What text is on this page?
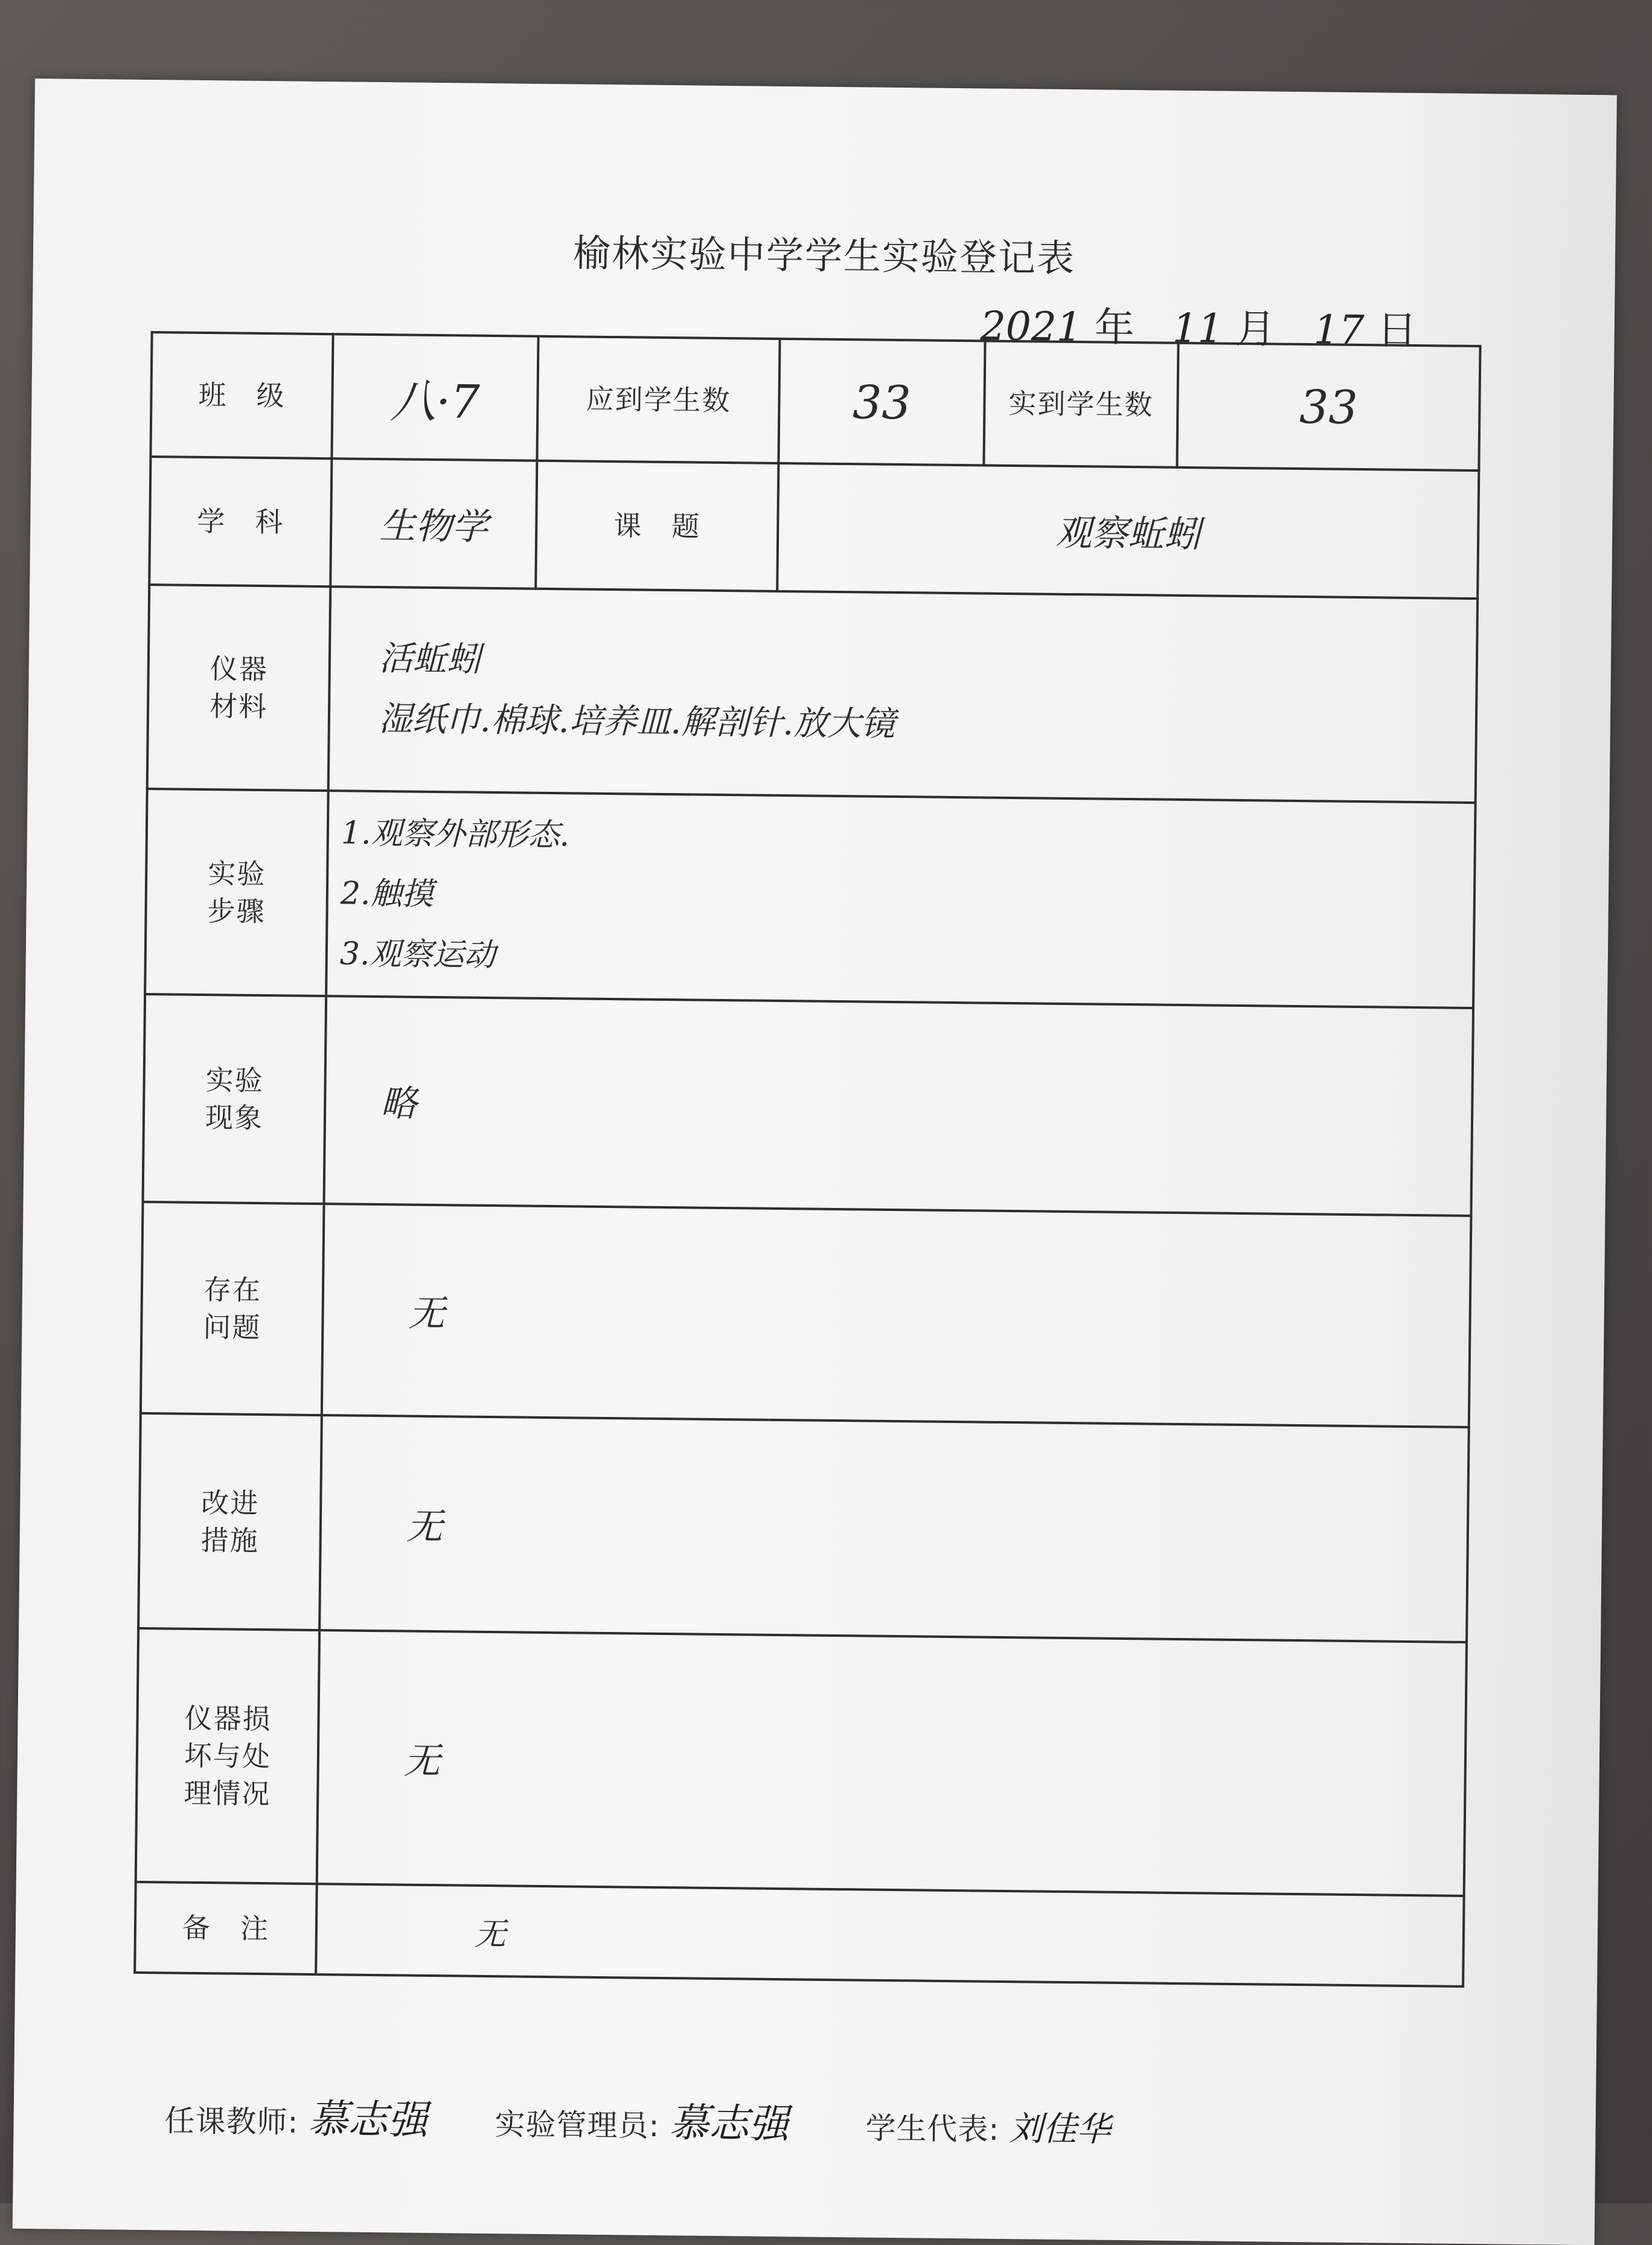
榆林实验中学学生实验登记表
2021 年 11 月 17 日
班　级	八·7	应到学生数	33	实到学生数	33
学　科	生物学	课　题	观察蚯蚓		
仪器材料	活蚯蚓
湿纸巾.棉球.培养皿.解剖针.放大镜				

实验步骤	1.观察外部形态.
2.触摸
3.观察运动				

实验现象	略				
存在问题	无				
改进措施	无				
仪器损坏与处理情况	无				
备　注	无				
任课教师: 慕志强 实验管理员: 慕志强	学生代表: 刘佳华
